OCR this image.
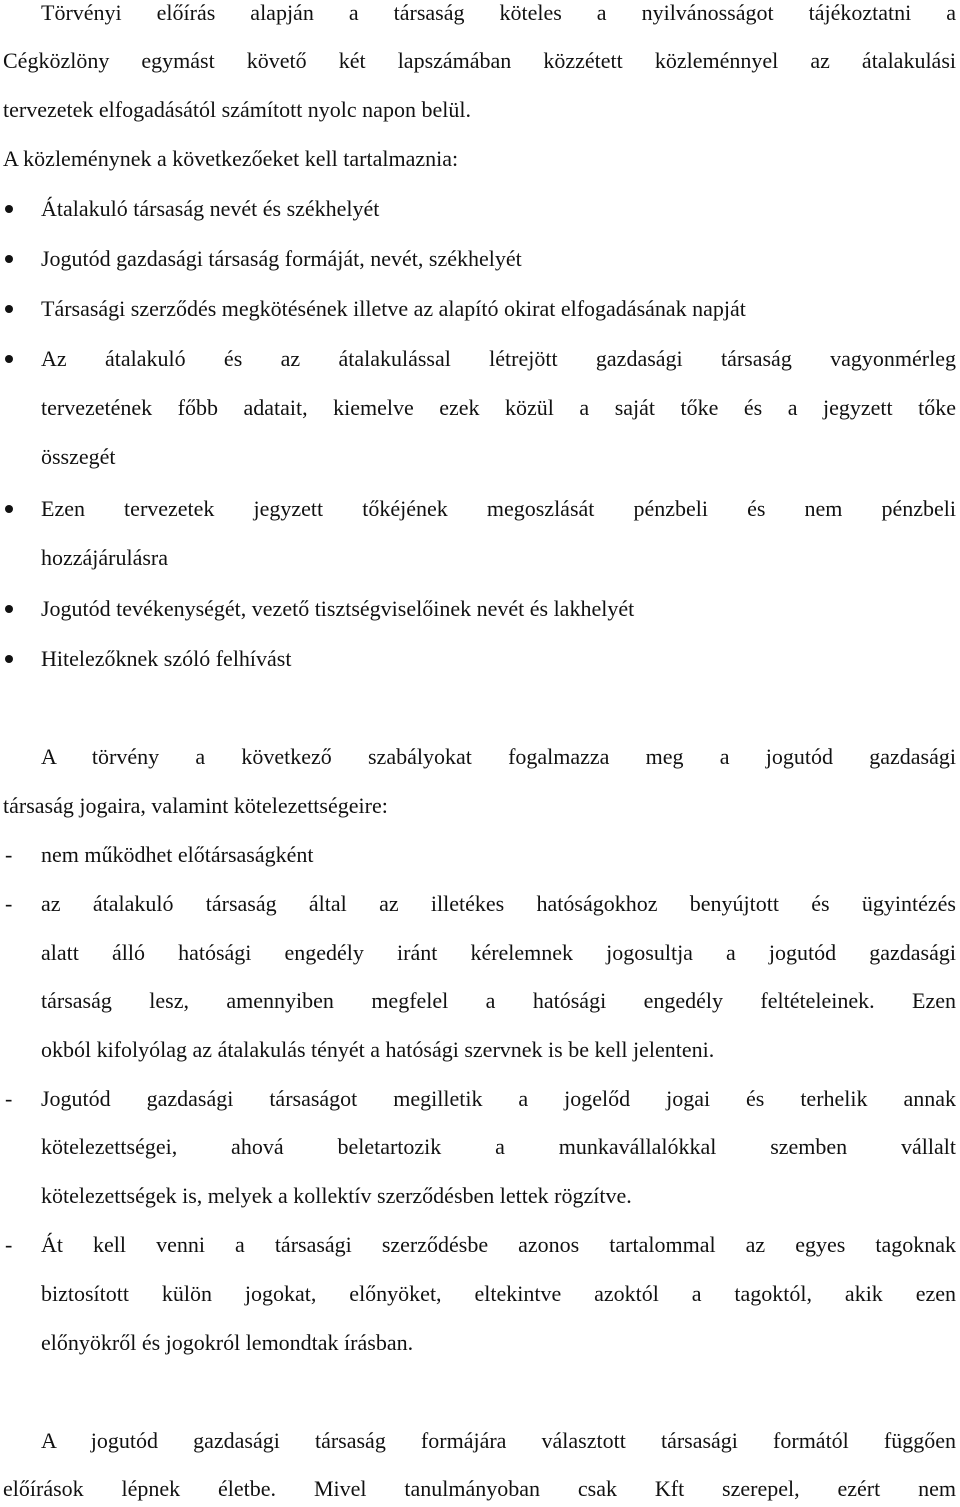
Törvényi előírás alapján a társaság köteles a nyilvánosságot tájékoztatni a
Cégközlöny egymást követő két lapszámában közzétett közleménnyel az átalakulási
tervezetek elfogadásától számított nyolc napon belül.
A közleménynek a következőeket kell tartalmaznia:
Átalakuló társaság nevét és székhelyét
Jogutód gazdasági társaság formáját, nevét, székhelyét
Társasági szerződés megkötésének illetve az alapító okirat elfogadásának napját
Az átalakuló és az átalakulással létrejött gazdasági társaság vagyonmérleg
tervezetének főbb adatait, kiemelve ezek közül a saját tőke és a jegyzett tőke
összegét
Ezen tervezetek jegyzett tőkéjének megoszlását pénzbeli és nem pénzbeli
hozzájárulásra
Jogutód tevékenységét, vezető tisztségviselőinek nevét és lakhelyét
Hitelezőknek szóló felhívást
A törvény a következő szabályokat fogalmazza meg a jogutód gazdasági
társaság jogaira, valamint kötelezettségeire:
- nem működhet előtársaságként
- az átalakuló társaság által az illetékes hatóságokhoz benyújtott és ügyintézés
alatt álló hatósági engedély iránt kérelemnek jogosultja a jogutód gazdasági
társaság lesz, amennyiben megfelel a hatósági engedély feltételeinek. Ezen
okból kifolyólag az átalakulás tényét a hatósági szervnek is be kell jelenteni.
- Jogutód gazdasági társaságot megilletik a jogelőd jogai és terhelik annak
kötelezettségei, ahová beletartozik a munkavállalókkal szemben vállalt
kötelezettségek is, melyek a kollektív szerződésben lettek rögzítve.
- Át kell venni a társasági szerződésbe azonos tartalommal az egyes tagoknak
biztosított külön jogokat, előnyöket, eltekintve azoktól a tagoktól, akik ezen
előnyökről és jogokról lemondtak írásban.
A jogutód gazdasági társaság formájára választott társasági formától függően
előírások lépnek életbe. Mivel tanulmányoban csak Kft szerepel, ezért nem
